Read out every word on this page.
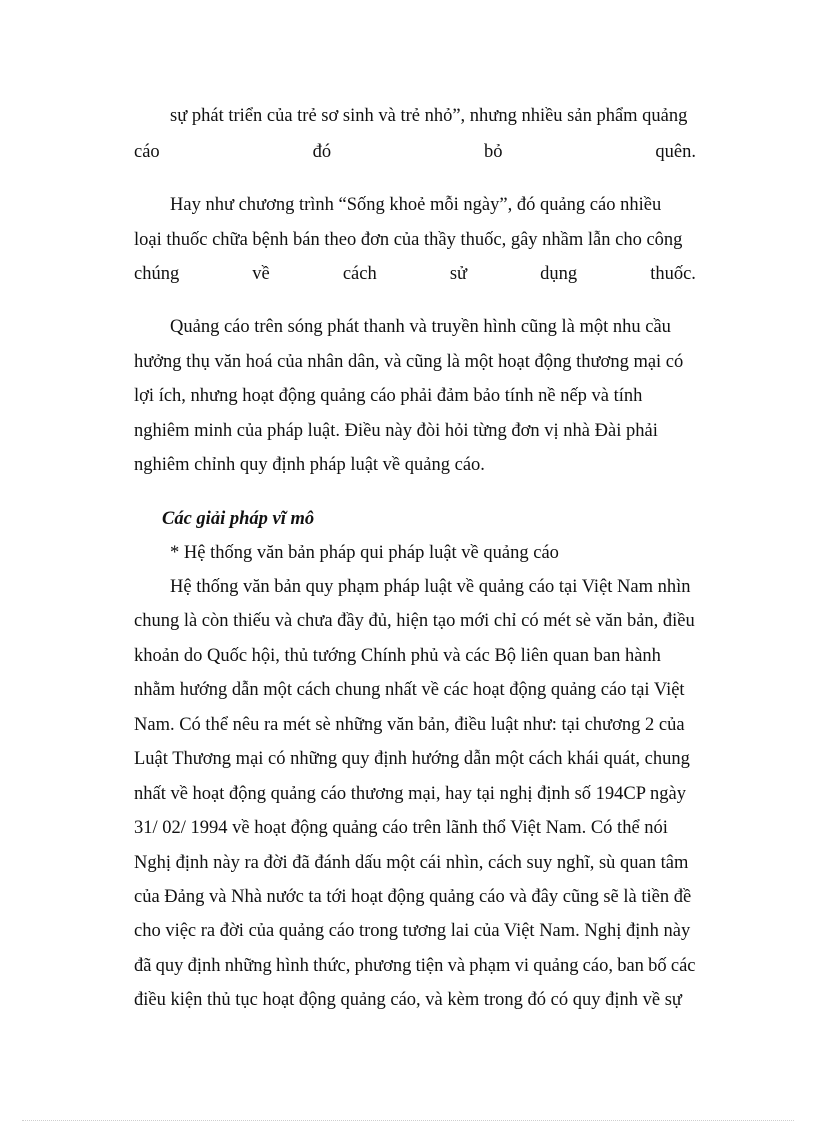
sự phát triển của trẻ sơ sinh và trẻ nhỏ”, nhưng nhiều sản phẩm quảng
cáo	đó	bỏ	quên.
Hay như chương trình “Sống khoẻ mỗi ngày”, đó quảng cáo nhiều
loại thuốc chữa bệnh bán theo đơn của thầy thuốc, gây nhầm lẫn cho công
chúng	về	cách	sử	dụng	thuốc.
Quảng cáo trên sóng phát thanh và truyền hình cũng là một nhu cầu
hưởng thụ văn hoá của nhân dân, và cũng là một hoạt động thương mại có
lợi ích, nhưng hoạt động quảng cáo phải đảm bảo tính nề nếp và tính
nghiêm minh của pháp luật. Điều này đòi hỏi từng đơn vị nhà Đài phải
nghiêm chỉnh quy định pháp luật về quảng cáo.
Các giải pháp vĩ mô
* Hệ thống văn bản pháp qui pháp luật về quảng cáo
Hệ thống văn bản quy phạm pháp luật về quảng cáo tại Việt Nam nhìn
chung là còn thiếu và chưa đầy đủ, hiện tạo mới chỉ có mét sè văn bản, điều
khoản do Quốc hội, thủ tướng Chính phủ và các Bộ liên quan ban hành
nhằm hướng dẫn một cách chung nhất về các hoạt động quảng cáo tại Việt
Nam. Có thể nêu ra mét sè những văn bản, điều luật như: tại chương 2 của
Luật Thương mại có những quy định hướng dẫn một cách khái quát, chung
nhất về hoạt động quảng cáo thương mại, hay tại nghị định số 194CP ngày
31/ 02/ 1994 về hoạt động quảng cáo trên lãnh thổ Việt Nam. Có thể nói
Nghị định này ra đời đã đánh dấu một cái nhìn, cách suy nghĩ, sù quan tâm
của Đảng và Nhà nước ta tới hoạt động quảng cáo và đây cũng sẽ là tiền đề
cho việc ra đời của quảng cáo trong tương lai của Việt Nam. Nghị định này
đã quy định những hình thức, phương tiện và phạm vi quảng cáo, ban bố các
điều kiện thủ tục hoạt động quảng cáo, và kèm trong đó có quy định về sự
